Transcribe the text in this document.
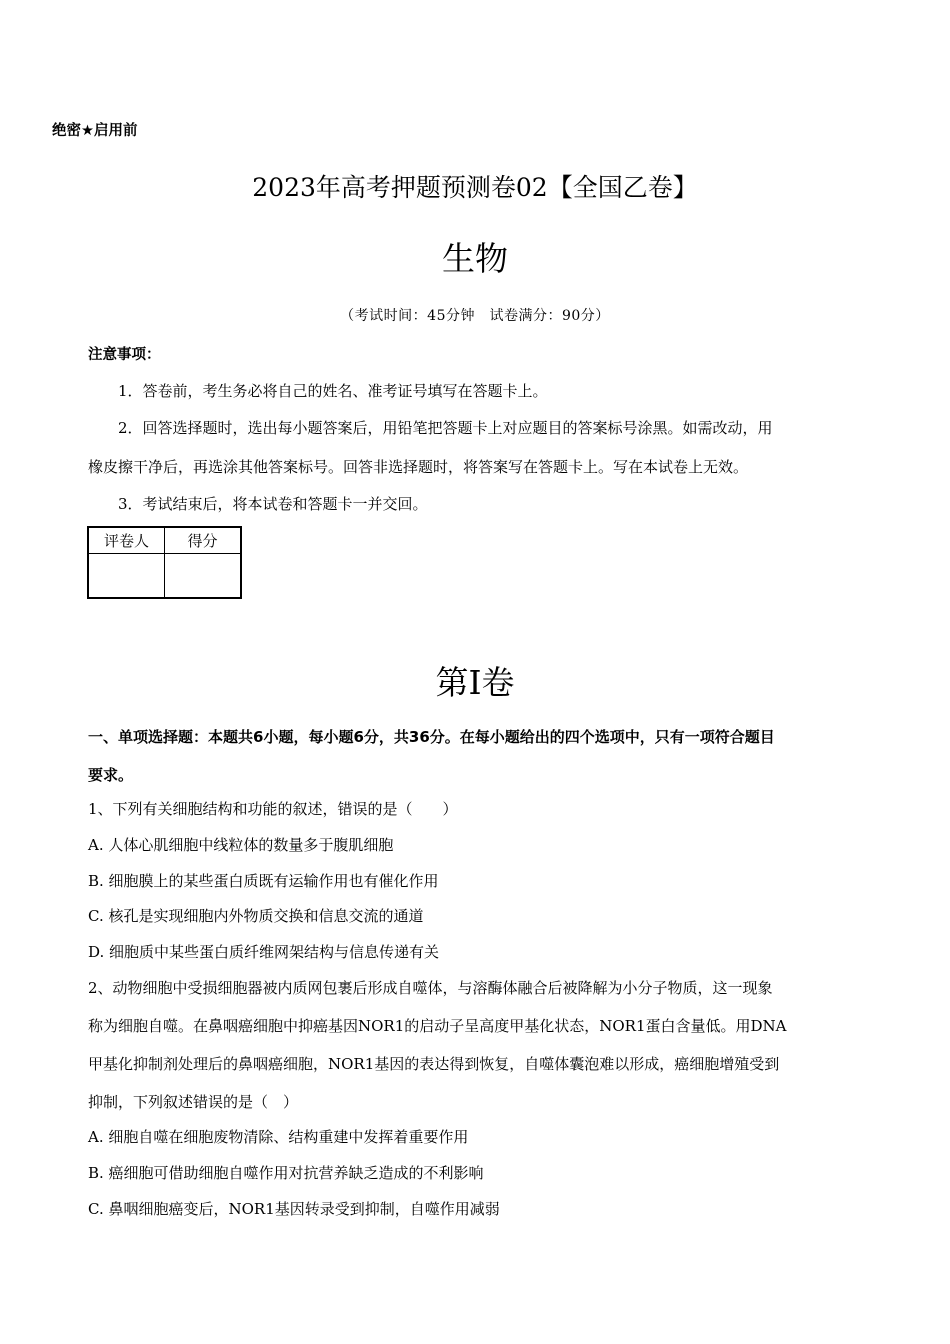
绝密★启用前
2023年高考押题预测卷02【全国乙卷】
生物
（考试时间：45分钟　试卷满分：90分）
注意事项：
1．答卷前，考生务必将自己的姓名、准考证号填写在答题卡上。
2．回答选择题时，选出每小题答案后，用铅笔把答题卡上对应题目的答案标号涂黑。如需改动，用
橡皮擦干净后，再选涂其他答案标号。回答非选择题时，将答案写在答题卡上。写在本试卷上无效。
3．考试结束后，将本试卷和答题卡一并交回。
评卷人	得分

第I卷
一、单项选择题：本题共6小题，每小题6分，共36分。在每小题给出的四个选项中，只有一项符合题目
要求。
1、下列有关细胞结构和功能的叙述，错误的是（　　）
A. 人体心肌细胞中线粒体的数量多于腹肌细胞
B. 细胞膜上的某些蛋白质既有运输作用也有催化作用
C. 核孔是实现细胞内外物质交换和信息交流的通道
D. 细胞质中某些蛋白质纤维网架结构与信息传递有关
2、动物细胞中受损细胞器被内质网包裹后形成自噬体，与溶酶体融合后被降解为小分子物质，这一现象
称为细胞自噬。在鼻咽癌细胞中抑癌基因NOR1的启动子呈高度甲基化状态，NOR1蛋白含量低。用DNA
甲基化抑制剂处理后的鼻咽癌细胞，NOR1基因的表达得到恢复，自噬体囊泡难以形成，癌细胞增殖受到
抑制，下列叙述错误的是（　）
A. 细胞自噬在细胞废物清除、结构重建中发挥着重要作用
B. 癌细胞可借助细胞自噬作用对抗营养缺乏造成的不利影响
C. 鼻咽细胞癌变后，NOR1基因转录受到抑制，自噬作用减弱
